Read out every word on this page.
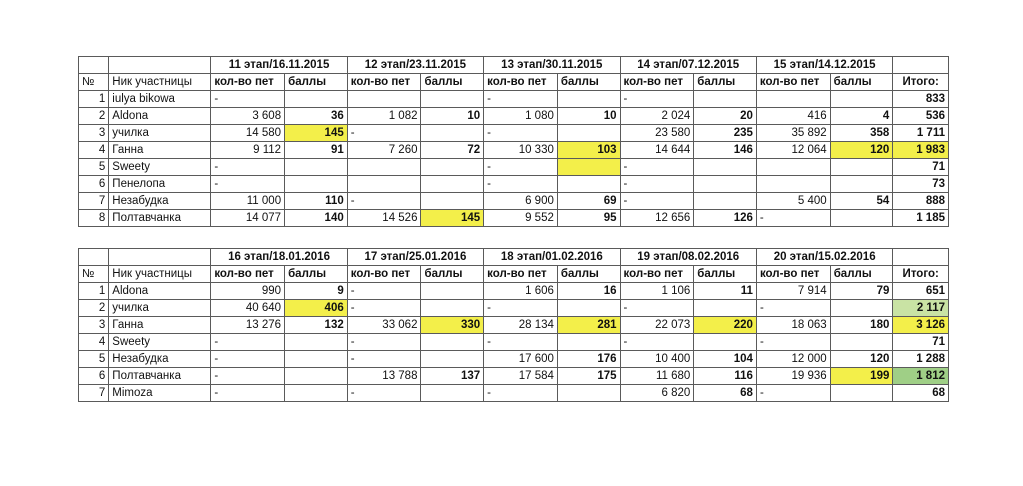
		11 этап/16.11.2015		12 этап/23.11.2015		13 этап/30.11.2015		14 этап/07.12.2015		15 этап/14.12.2015		
№	Ник участницы	кол-во пет	баллы	кол-во пет	баллы	кол-во пет	баллы	кол-во пет	баллы	кол-во пет	баллы	Итого:
1	iulya bikowa	-				-		-				833
2	Aldona	3 608	36	1 082	10	1 080	10	2 024	20	416	4	536
3	училка	14 580	145	-		-		23 580	235	35 892	358	1 711
4	Ганна	9 112	91	7 260	72	10 330	103	14 644	146	12 064	120	1 983
5	Sweety	-				-		-				71
6	Пенелопа	-				-		-				73
7	Незабудка	11 000	110	-		6 900	69	-		5 400	54	888
8	Полтавчанка	14 077	140	14 526	145	9 552	95	12 656	126	-		1 185
		16 этап/18.01.2016		17 этап/25.01.2016		18 этап/01.02.2016		19 этап/08.02.2016		20 этап/15.02.2016		
№	Ник участницы	кол-во пет	баллы	кол-во пет	баллы	кол-во пет	баллы	кол-во пет	баллы	кол-во пет	баллы	Итого:
1	Aldona	990	9	-		1 606	16	1 106	11	7 914	79	651
2	училка	40 640	406	-		-		-		-		2 117
3	Ганна	13 276	132	33 062	330	28 134	281	22 073	220	18 063	180	3 126
4	Sweety	-		-		-		-		-		71
5	Незабудка	-		-		17 600	176	10 400	104	12 000	120	1 288
6	Полтавчанка	-		13 788	137	17 584	175	11 680	116	19 936	199	1 812
7	Mimoza	-		-		-		6 820	68	-		68
